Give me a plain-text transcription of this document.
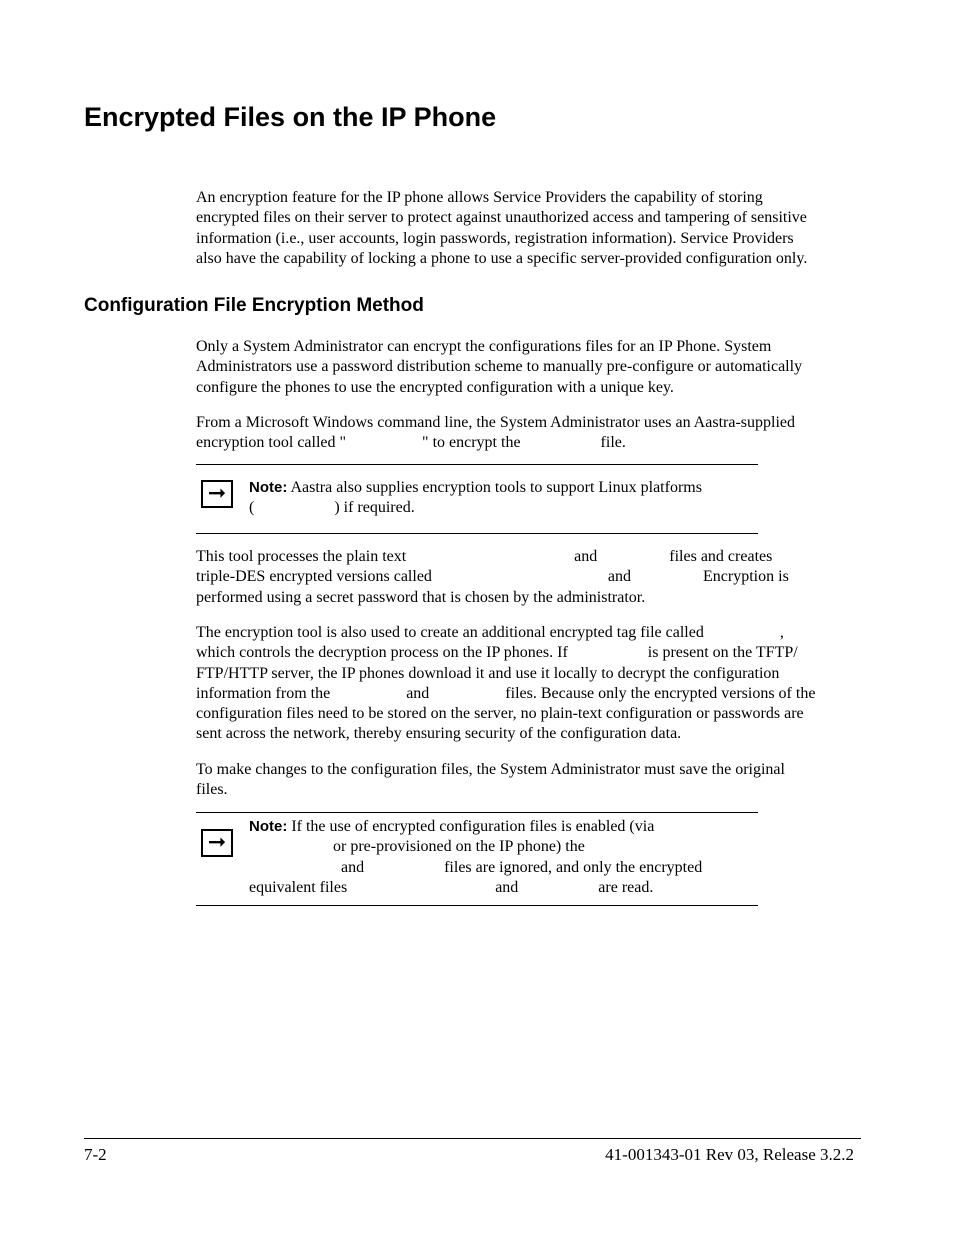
Encrypted Files on the IP Phone
An encryption feature for the IP phone allows Service Providers the capability of storing
encrypted files on their server to protect against unauthorized access and tampering of sensitive
information (i.e., user accounts, login passwords, registration information). Service Providers
also have the capability of locking a phone to use a specific server-provided configuration only.
Configuration File Encryption Method
Only a System Administrator can encrypt the configurations files for an IP Phone. System
Administrators use a password distribution scheme to manually pre-configure or automatically
configure the phones to use the encrypted configuration with a unique key.
From a Microsoft Windows command line, the System Administrator uses an Aastra-supplied
encryption tool called "                   " to encrypt the                    file.
➞	Note: Aastra also supplies encryption tools to support Linux platforms
(                    ) if required.
This tool processes the plain text                                          and                  files and creates
triple-DES encrypted versions called                                            and                  Encryption is
performed using a secret password that is chosen by the administrator.
The encryption tool is also used to create an additional encrypted tag file called                   ,
which controls the decryption process on the IP phones. If                    is present on the TFTP/
FTP/HTTP server, the IP phones download it and use it locally to decrypt the configuration
information from the                   and                   files. Because only the encrypted versions of the
configuration files need to be stored on the server, no plain-text configuration or passwords are
sent across the network, thereby ensuring security of the configuration data.
To make changes to the configuration files, the System Administrator must save the original
files.
➞
Note: If the use of encrypted configuration files is enabled (via
or pre-provisioned on the IP phone) the
and                    files are ignored, and only the encrypted
equivalent files                                     and                    are read.
7-2	41-001343-01 Rev 03, Release 3.2.2
